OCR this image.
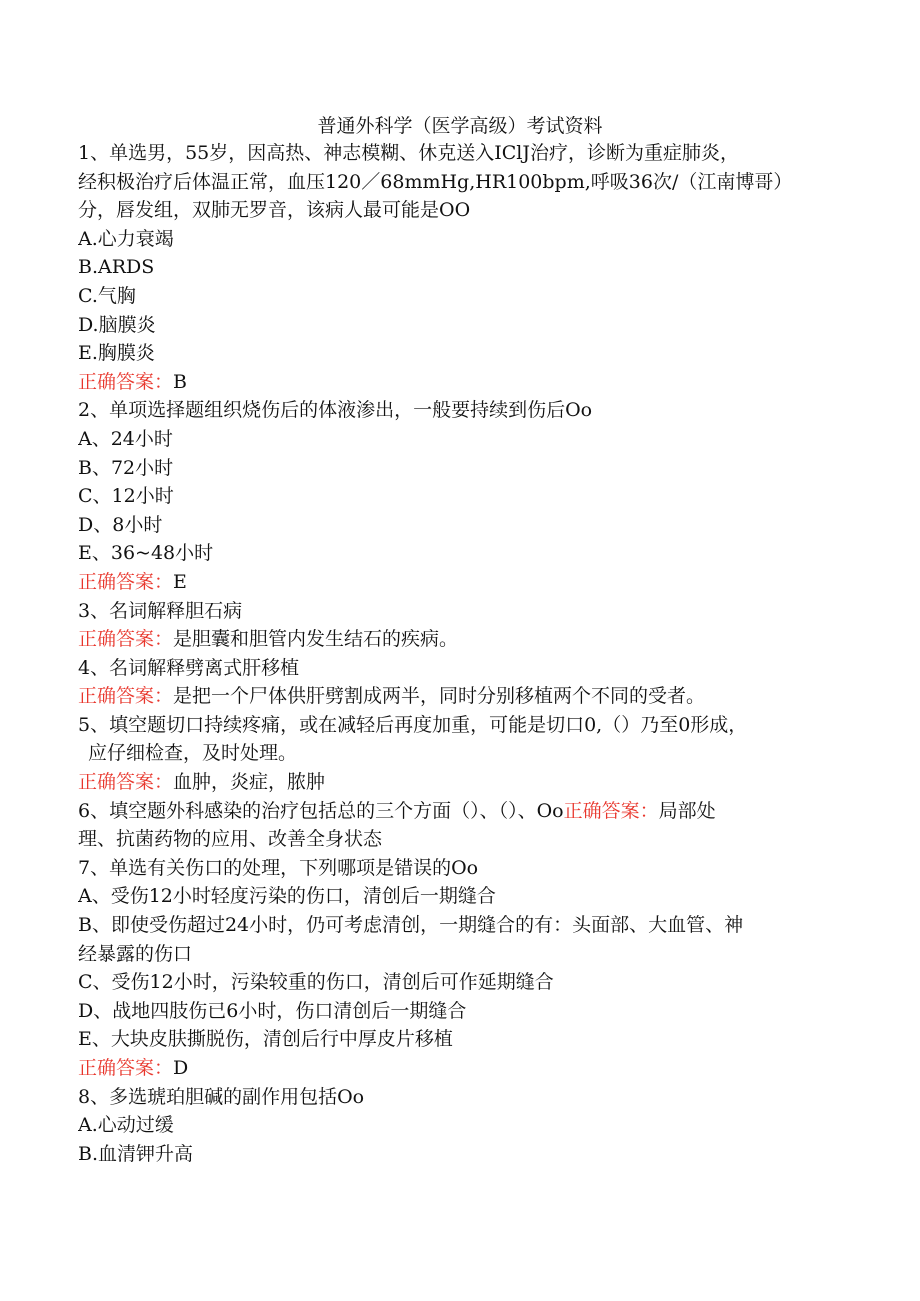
普通外科学（医学高级）考试资料
1、单选男，55岁，因高热、神志模糊、休克送入IClJ治疗，诊断为重症肺炎，
经积极治疗后体温正常，血压120／68mmHg,HR100bpm,呼吸36次/（江南博哥）
分，唇发组，双肺无罗音，该病人最可能是OO
A.心力衰竭
B.ARDS
C.气胸
D.脑膜炎
E.胸膜炎
正确答案：B
2、单项选择题组织烧伤后的体液渗出，一般要持续到伤后Oo
A、24小时
B、72小时
C、12小时
D、8小时
E、36~48小时
正确答案：E
3、名词解释胆石病
正确答案：是胆囊和胆管内发生结石的疾病。
4、名词解释劈离式肝移植
正确答案：是把一个尸体供肝劈割成两半，同时分别移植两个不同的受者。
5、填空题切口持续疼痛，或在减轻后再度加重，可能是切口0,（）乃至0形成，
应仔细检查，及时处理。
正确答案：血肿，炎症，脓肿
6、填空题外科感染的治疗包括总的三个方面（）、（）、Oo正确答案：局部处
理、抗菌药物的应用、改善全身状态
7、单选有关伤口的处理，下列哪项是错误的Oo
A、受伤12小时轻度污染的伤口，清创后一期缝合
B、即使受伤超过24小时，仍可考虑清创，一期缝合的有：头面部、大血管、神
经暴露的伤口
C、受伤12小时，污染较重的伤口，清创后可作延期缝合
D、战地四肢伤已6小时，伤口清创后一期缝合
E、大块皮肤撕脱伤，清创后行中厚皮片移植
正确答案：D
8、多选琥珀胆碱的副作用包括Oo
A.心动过缓
B.血清钾升高
